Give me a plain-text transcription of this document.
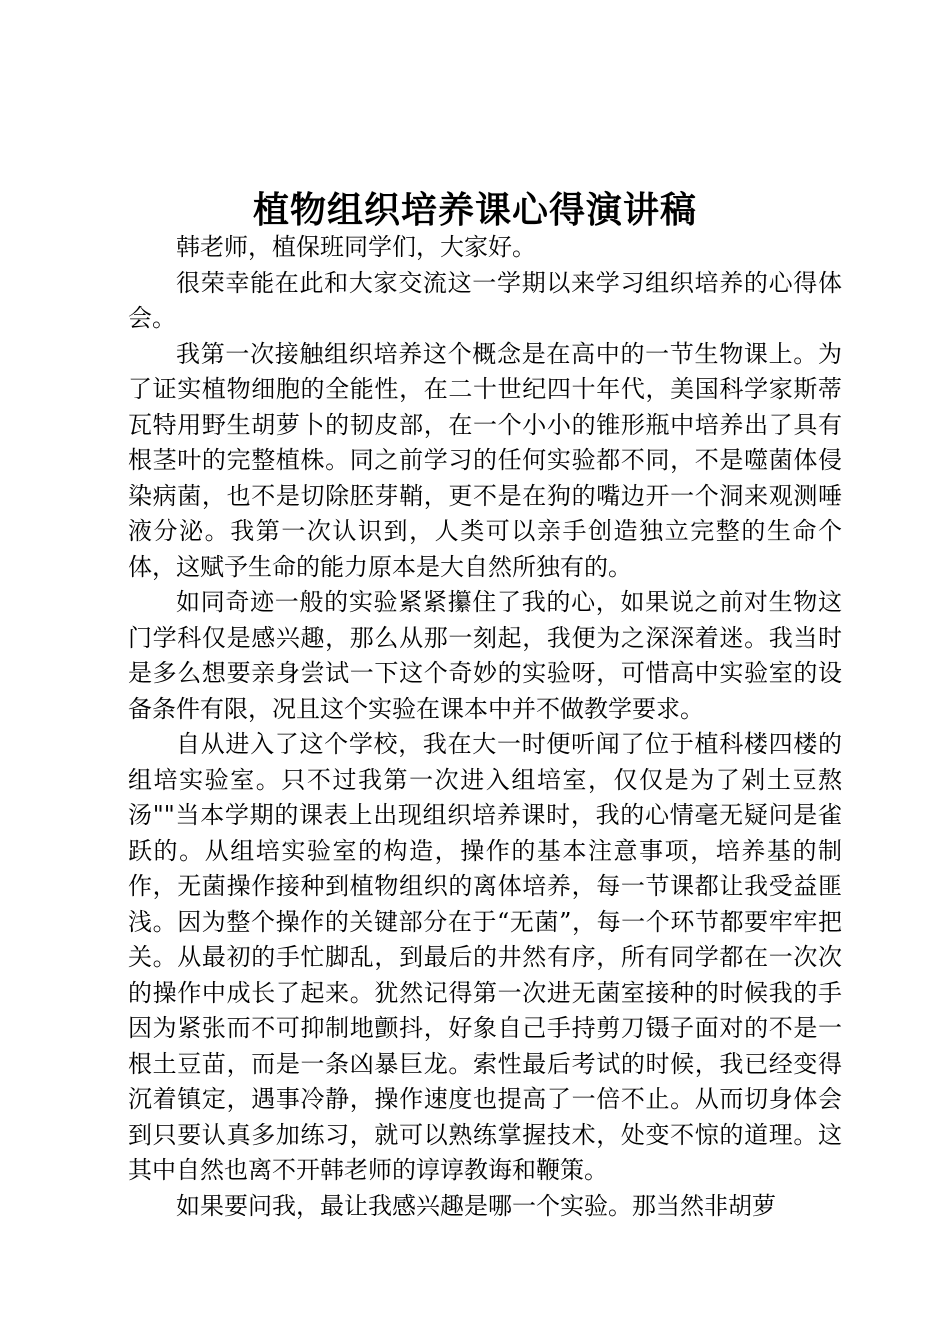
植物组织培养课心得演讲稿

韩老师，植保班同学们，大家好。

很荣幸能在此和大家交流这一学期以来学习组织培养的心得体会。

我第一次接触组织培养这个概念是在高中的一节生物课上。为了证实植物细胞的全能性，在二十世纪四十年代，美国科学家斯蒂瓦特用野生胡萝卜的韧皮部，在一个小小的锥形瓶中培养出了具有根茎叶的完整植株。同之前学习的任何实验都不同，不是噬菌体侵染病菌，也不是切除胚芽鞘，更不是在狗的嘴边开一个洞来观测唾液分泌。我第一次认识到，人类可以亲手创造独立完整的生命个体，这赋予生命的能力原本是大自然所独有的。

如同奇迹一般的实验紧紧攥住了我的心，如果说之前对生物这门学科仅是感兴趣，那么从那一刻起，我便为之深深着迷。我当时是多么想要亲身尝试一下这个奇妙的实验呀，可惜高中实验室的设备条件有限，况且这个实验在课本中并不做教学要求。

自从进入了这个学校，我在大一时便听闻了位于植科楼四楼的组培实验室。只不过我第一次进入组培室，仅仅是为了剁土豆熬汤""当本学期的课表上出现组织培养课时，我的心情毫无疑问是雀跃的。从组培实验室的构造，操作的基本注意事项，培养基的制作，无菌操作接种到植物组织的离体培养，每一节课都让我受益匪浅。因为整个操作的关键部分在于“无菌”，每一个环节都要牢牢把关。从最初的手忙脚乱，到最后的井然有序，所有同学都在一次次的操作中成长了起来。犹然记得第一次进无菌室接种的时候我的手因为紧张而不可抑制地颤抖，好象自己手持剪刀镊子面对的不是一根土豆苗，而是一条凶暴巨龙。索性最后考试的时候，我已经变得沉着镇定，遇事冷静，操作速度也提高了一倍不止。从而切身体会到只要认真多加练习，就可以熟练掌握技术，处变不惊的道理。这其中自然也离不开韩老师的谆谆教诲和鞭策。

如果要问我，最让我感兴趣是哪一个实验。那当然非胡萝
